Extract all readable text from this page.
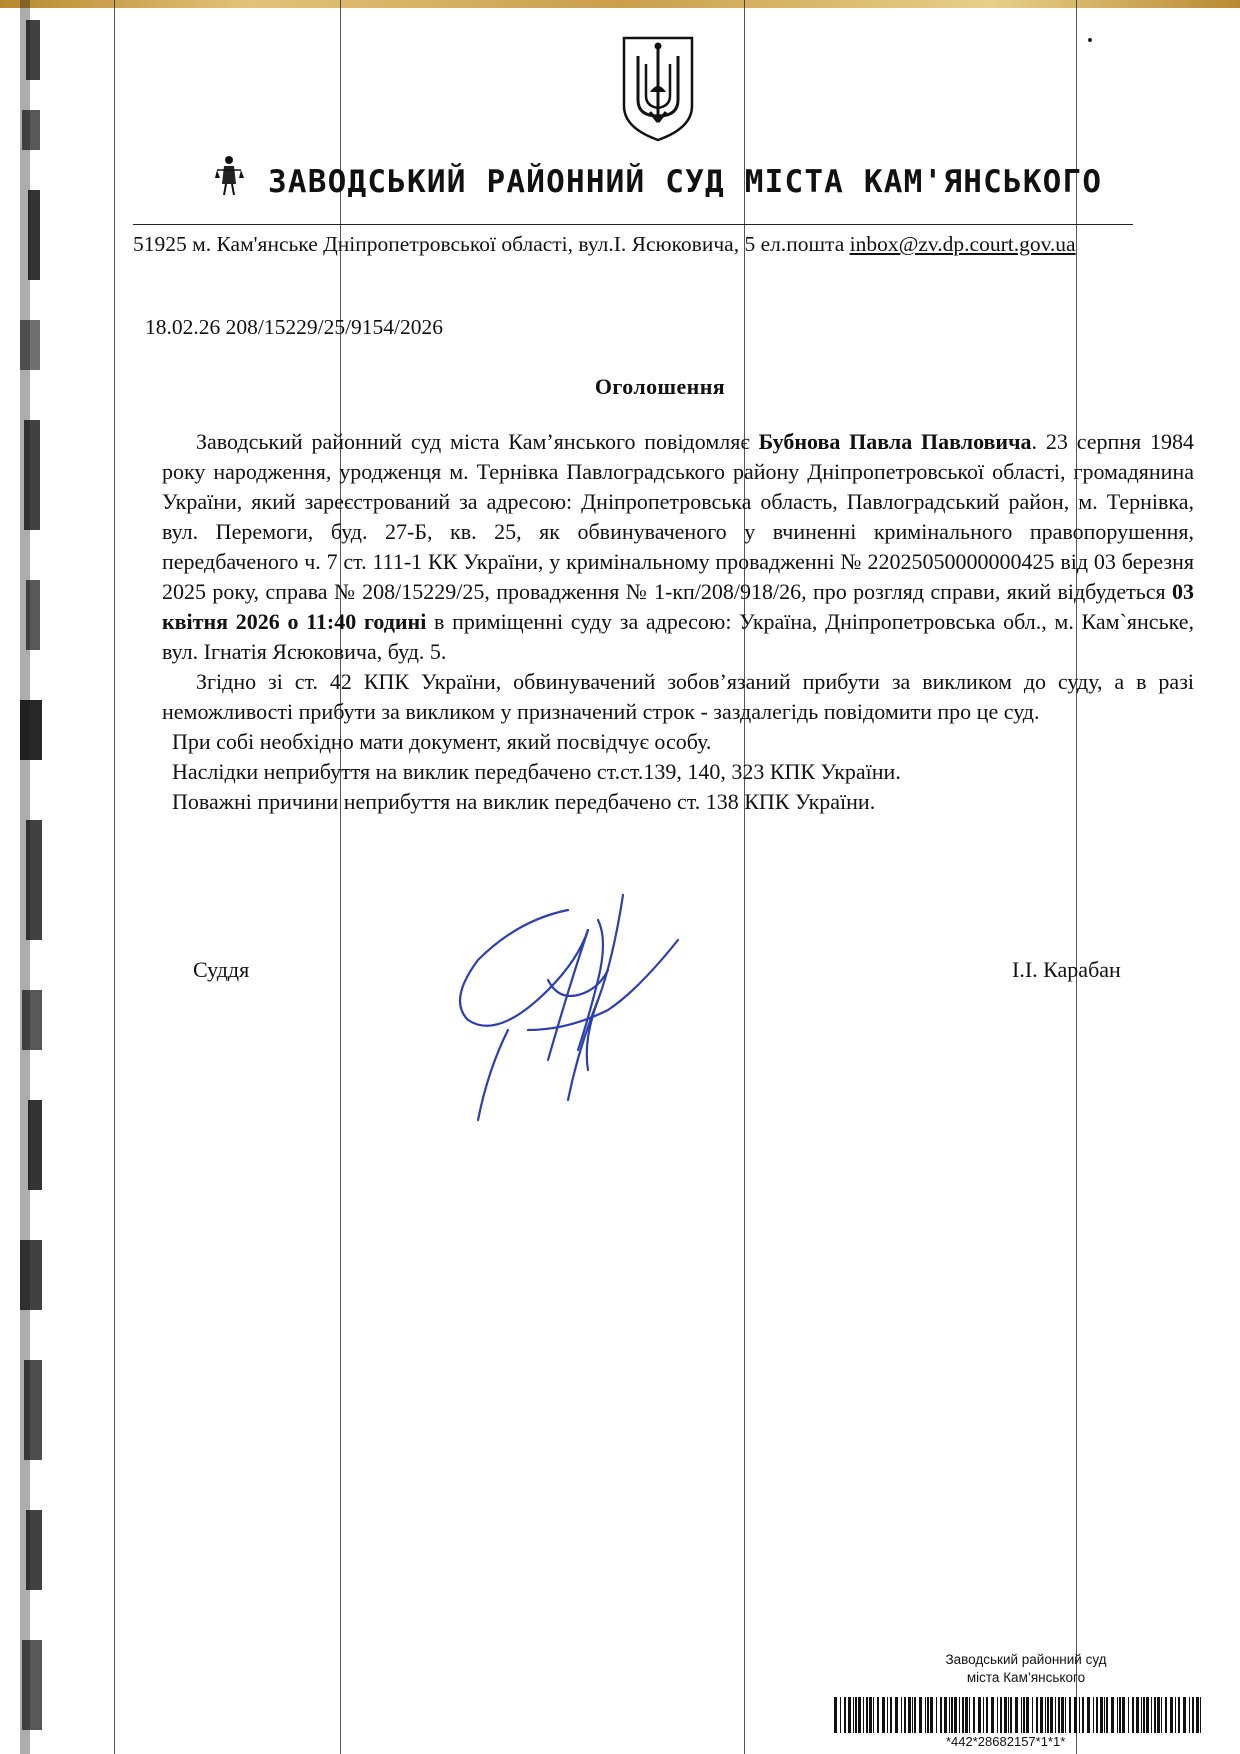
ЗАВОДСЬКИЙ РАЙОННИЙ СУД МІСТА КАМ'ЯНСЬКОГО
51925 м. Кам'янське Дніпропетровської області, вул.І. Ясюковича, 5 ел.пошта inbox@zv.dp.court.gov.ua
18.02.26 208/15229/25/9154/2026
Оголошення

Заводський районний суд міста Кам’янського повідомляє Бубнова Павла Павловича. 23 серпня 1984 року народження, уродженця м. Тернівка Павлоградського району Дніпропетровської області, громадянина України, який зареєстрований за адресою: Дніпропетровська область, Павлоградський район, м. Тернівка, вул. Перемоги, буд. 27-Б, кв. 25, як обвинуваченого у вчиненні кримінального правопорушення, передбаченого ч. 7 ст. 111-1 КК України, у кримінальному провадженні № 22025050000000425 від 03 березня 2025 року, справа № 208/15229/25, провадження № 1-кп/208/918/26, про розгляд справи, який відбудеться 03 квітня 2026 о 11:40 годині в приміщенні суду за адресою: Україна, Дніпропетровська обл., м. Кам`янське, вул. Ігнатія Ясюковича, буд. 5.

Згідно зі ст. 42 КПК України, обвинувачений зобов’язаний прибути за викликом до суду, а в разі неможливості прибути за викликом у призначений строк - заздалегідь повідомити про це суд.

При собі необхідно мати документ, який посвідчує особу.

Наслідки неприбуття на виклик передбачено ст.ст.139, 140, 323 КПК України.

Поважні причини неприбуття на виклик передбачено ст. 138 КПК України.

Суддя	І.І. Карабан
Заводський районний суд
міста Кам’янського
*442*28682157*1*1*
